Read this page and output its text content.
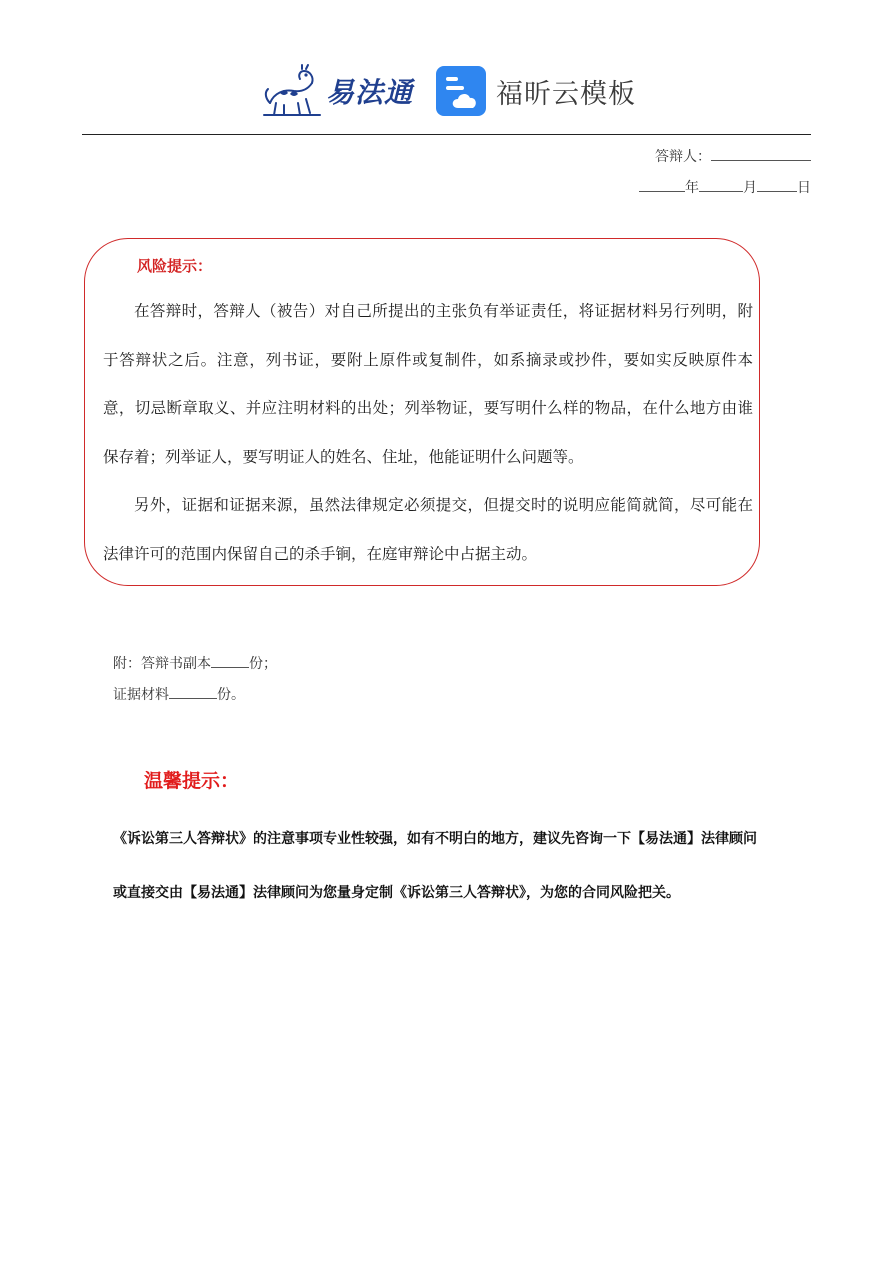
易法通	福昕云模板
答辩人：
年	月	日
风险提示：

在答辩时，答辩人（被告）对自己所提出的主张负有举证责任，将证据材料另行列明，附于答辩状之后。注意，列书证，要附上原件或复制件，如系摘录或抄件，要如实反映原件本意，切忌断章取义、并应注明材料的出处；列举物证，要写明什么样的物品，在什么地方由谁保存着；列举证人，要写明证人的姓名、住址，他能证明什么问题等。

另外，证据和证据来源，虽然法律规定必须提交，但提交时的说明应能简就简，尽可能在法律许可的范围内保留自己的杀手锏，在庭审辩论中占据主动。

附：答辩书副本	份；
证据材料	份。
温馨提示：
《诉讼第三人答辩状》的注意事项专业性较强，如有不明白的地方，建议先咨询一下【易法通】法律顾问
或直接交由【易法通】法律顾问为您量身定制《诉讼第三人答辩状》，为您的合同风险把关。
